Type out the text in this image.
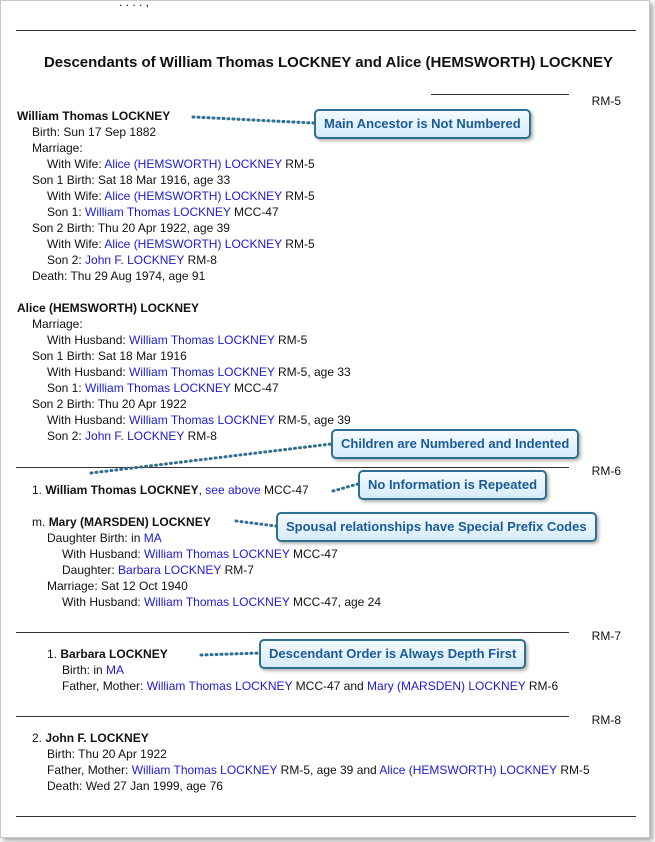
. . . . ,
Descendants of William Thomas LOCKNEY and Alice (HEMSWORTH) LOCKNEY
RM-5
William Thomas LOCKNEY
Birth: Sun 17 Sep 1882
Marriage:
With Wife: Alice (HEMSWORTH) LOCKNEY RM-5
Son 1 Birth: Sat 18 Mar 1916, age 33
With Wife: Alice (HEMSWORTH) LOCKNEY RM-5
Son 1: William Thomas LOCKNEY MCC-47
Son 2 Birth: Thu 20 Apr 1922, age 39
With Wife: Alice (HEMSWORTH) LOCKNEY RM-5
Son 2: John F. LOCKNEY RM-8
Death: Thu 29 Aug 1974, age 91
Alice (HEMSWORTH) LOCKNEY
Marriage:
With Husband: William Thomas LOCKNEY RM-5
Son 1 Birth: Sat 18 Mar 1916
With Husband: William Thomas LOCKNEY RM-5, age 33
Son 1: William Thomas LOCKNEY MCC-47
Son 2 Birth: Thu 20 Apr 1922
With Husband: William Thomas LOCKNEY RM-5, age 39
Son 2: John F. LOCKNEY RM-8
RM-6
1. William Thomas LOCKNEY, see above MCC-47
m. Mary (MARSDEN) LOCKNEY
Daughter Birth: in MA
With Husband: William Thomas LOCKNEY MCC-47
Daughter: Barbara LOCKNEY RM-7
Marriage: Sat 12 Oct 1940
With Husband: William Thomas LOCKNEY MCC-47, age 24
RM-7
1. Barbara LOCKNEY
Birth: in MA
Father, Mother: William Thomas LOCKNEY MCC-47 and Mary (MARSDEN) LOCKNEY RM-6
RM-8
2. John F. LOCKNEY
Birth: Thu 20 Apr 1922
Father, Mother: William Thomas LOCKNEY RM-5, age 39 and Alice (HEMSWORTH) LOCKNEY RM-5
Death: Wed 27 Jan 1999, age 76
Main Ancestor is Not Numbered
Children are Numbered and Indented
No Information is Repeated
Spousal relationships have Special Prefix Codes
Descendant Order is Always Depth First
